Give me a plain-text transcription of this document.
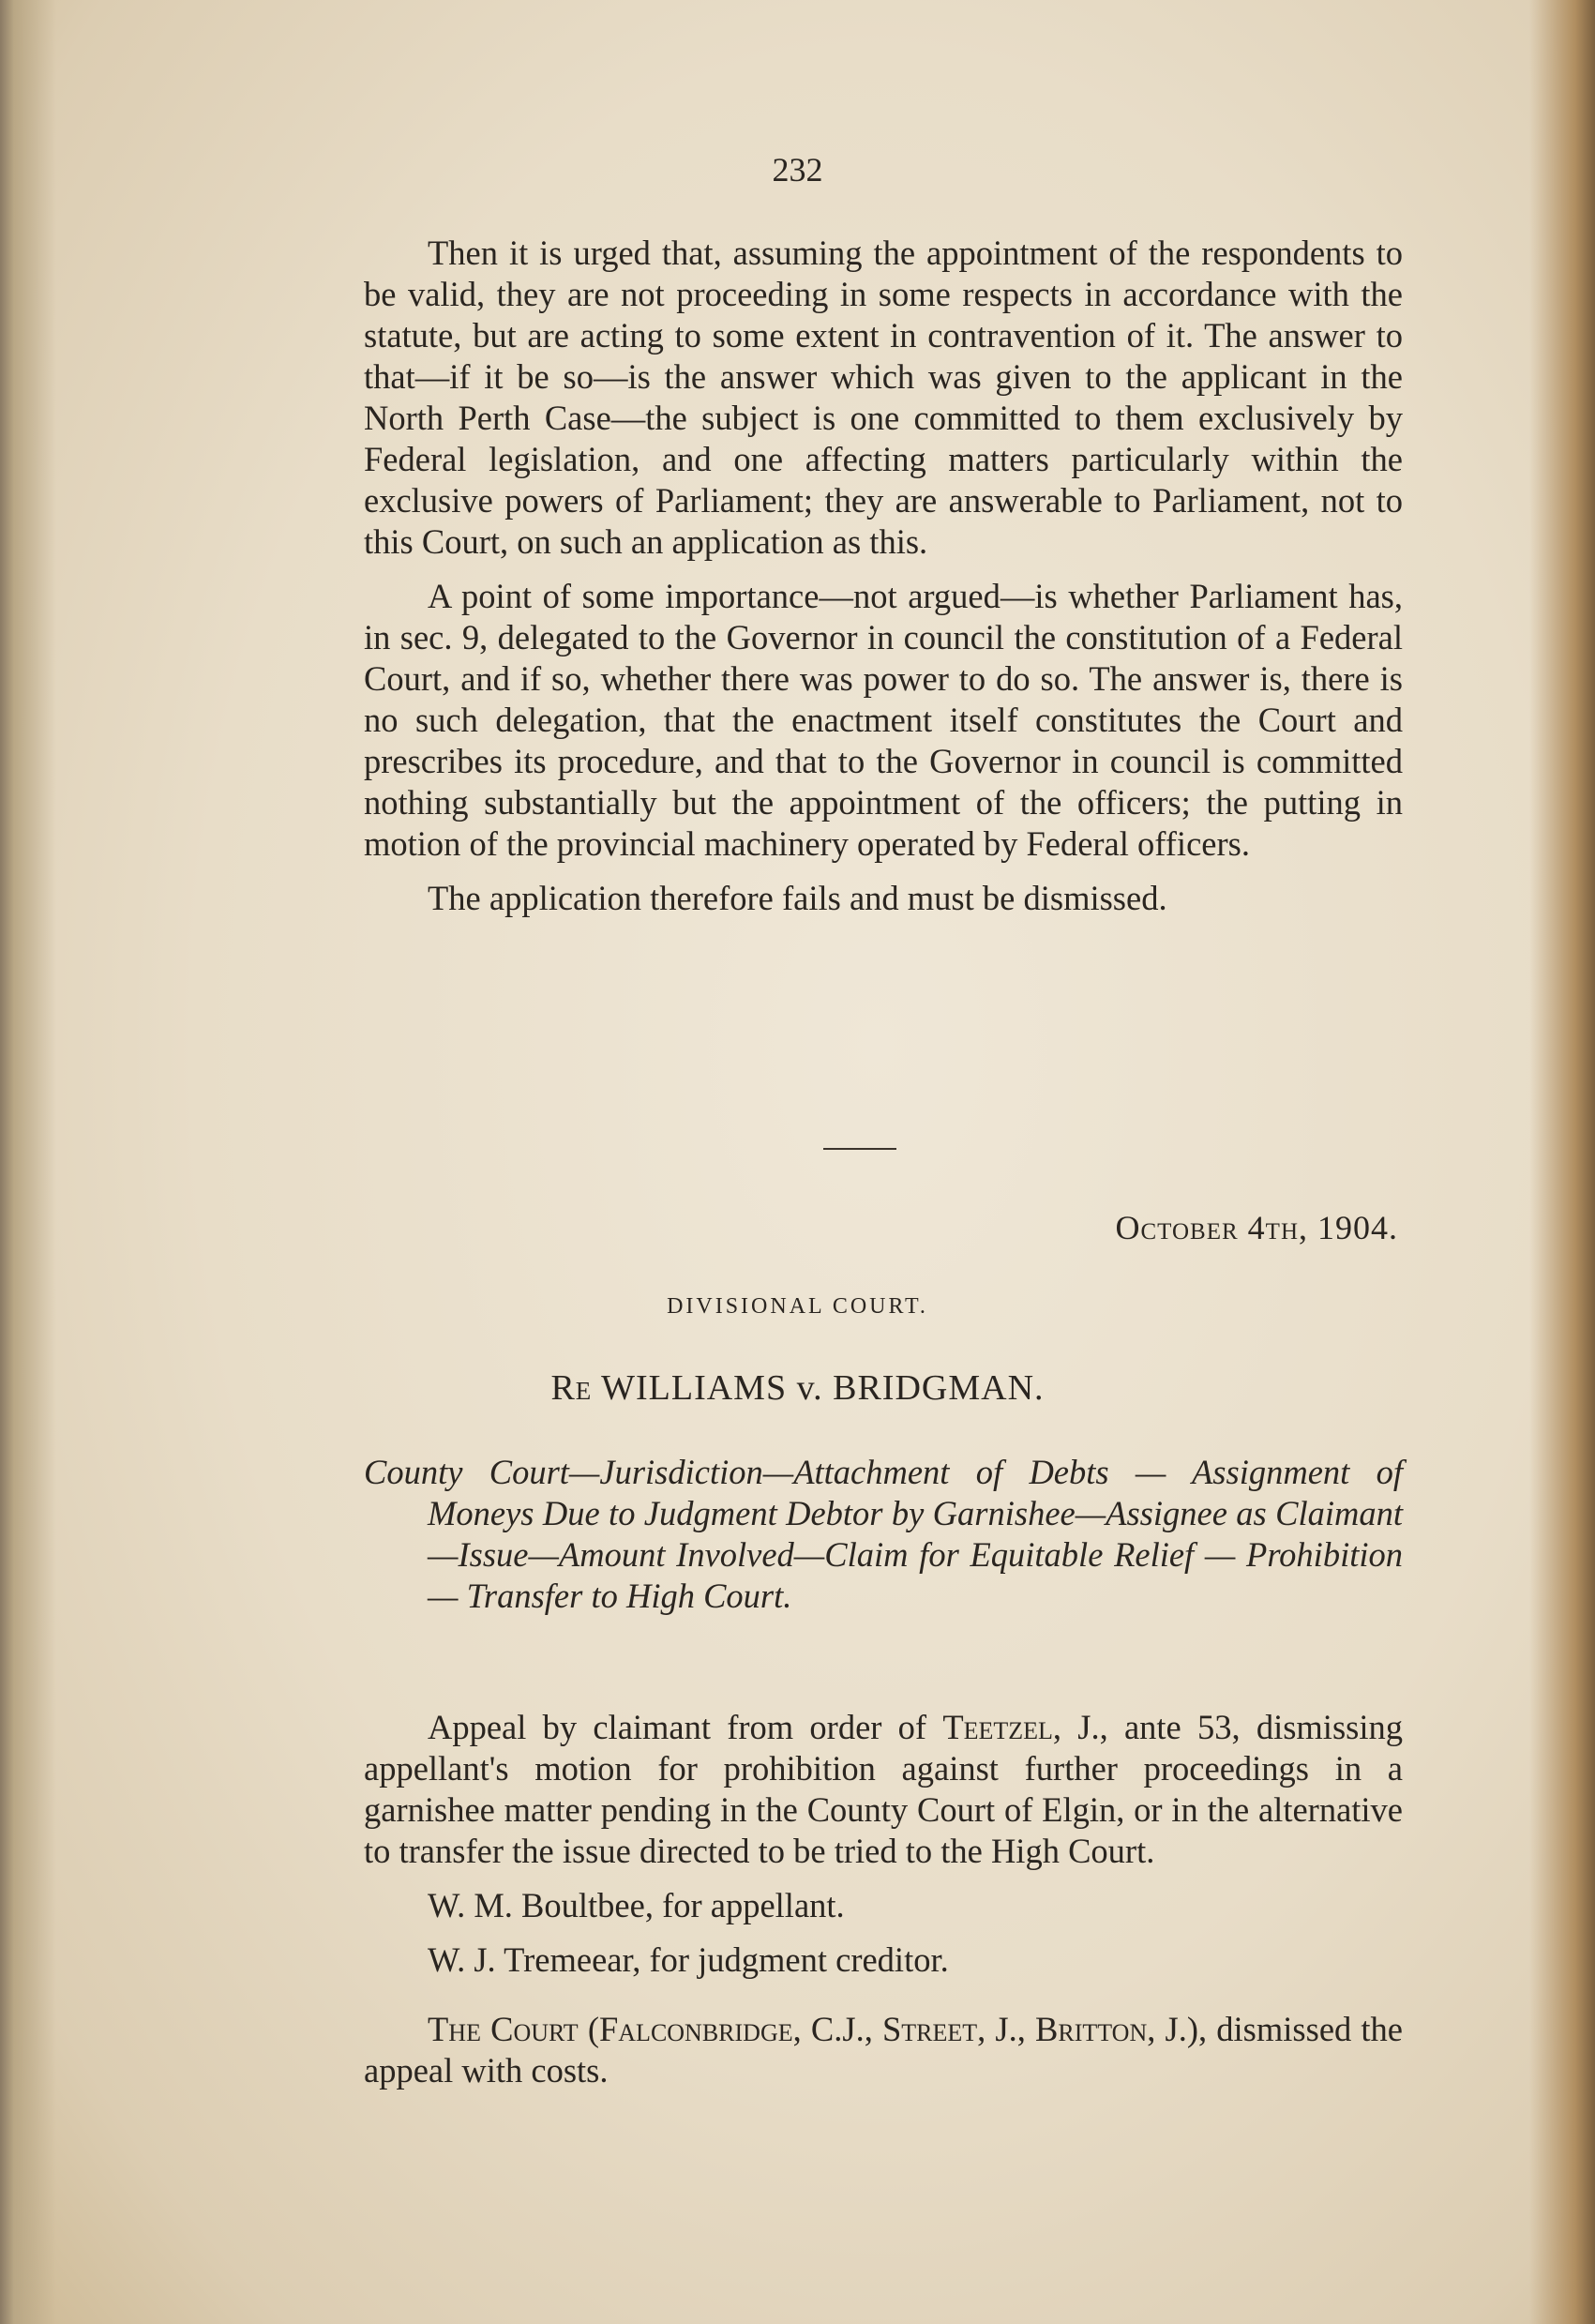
232

Then it is urged that, assuming the appointment of the respondents to be valid, they are not proceeding in some respects in accordance with the statute, but are acting to some extent in contravention of it. The answer to that—if it be so—is the answer which was given to the applicant in the North Perth Case—the subject is one committed to them exclusively by Federal legislation, and one affecting matters particularly within the exclusive powers of Parliament; they are answerable to Parliament, not to this Court, on such an application as this.

A point of some importance—not argued—is whether Parliament has, in sec. 9, delegated to the Governor in council the constitution of a Federal Court, and if so, whether there was power to do so. The answer is, there is no such delegation, that the enactment itself constitutes the Court and prescribes its procedure, and that to the Governor in council is committed nothing substantially but the appointment of the officers; the putting in motion of the provincial machinery operated by Federal officers.

The application therefore fails and must be dismissed.

October 4th, 1904.
DIVISIONAL COURT.
Re WILLIAMS v. BRIDGMAN.
County Court—Jurisdiction—Attachment of Debts — Assignment of Moneys Due to Judgment Debtor by Garnishee—Assignee as Claimant—Issue—Amount Involved—Claim for Equitable Relief — Prohibition — Transfer to High Court.

Appeal by claimant from order of Teetzel, J., ante 53, dismissing appellant's motion for prohibition against further proceedings in a garnishee matter pending in the County Court of Elgin, or in the alternative to transfer the issue directed to be tried to the High Court.

W. M. Boultbee, for appellant.

W. J. Tremeear, for judgment creditor.

The Court (Falconbridge, C.J., Street, J., Britton, J.), dismissed the appeal with costs.
